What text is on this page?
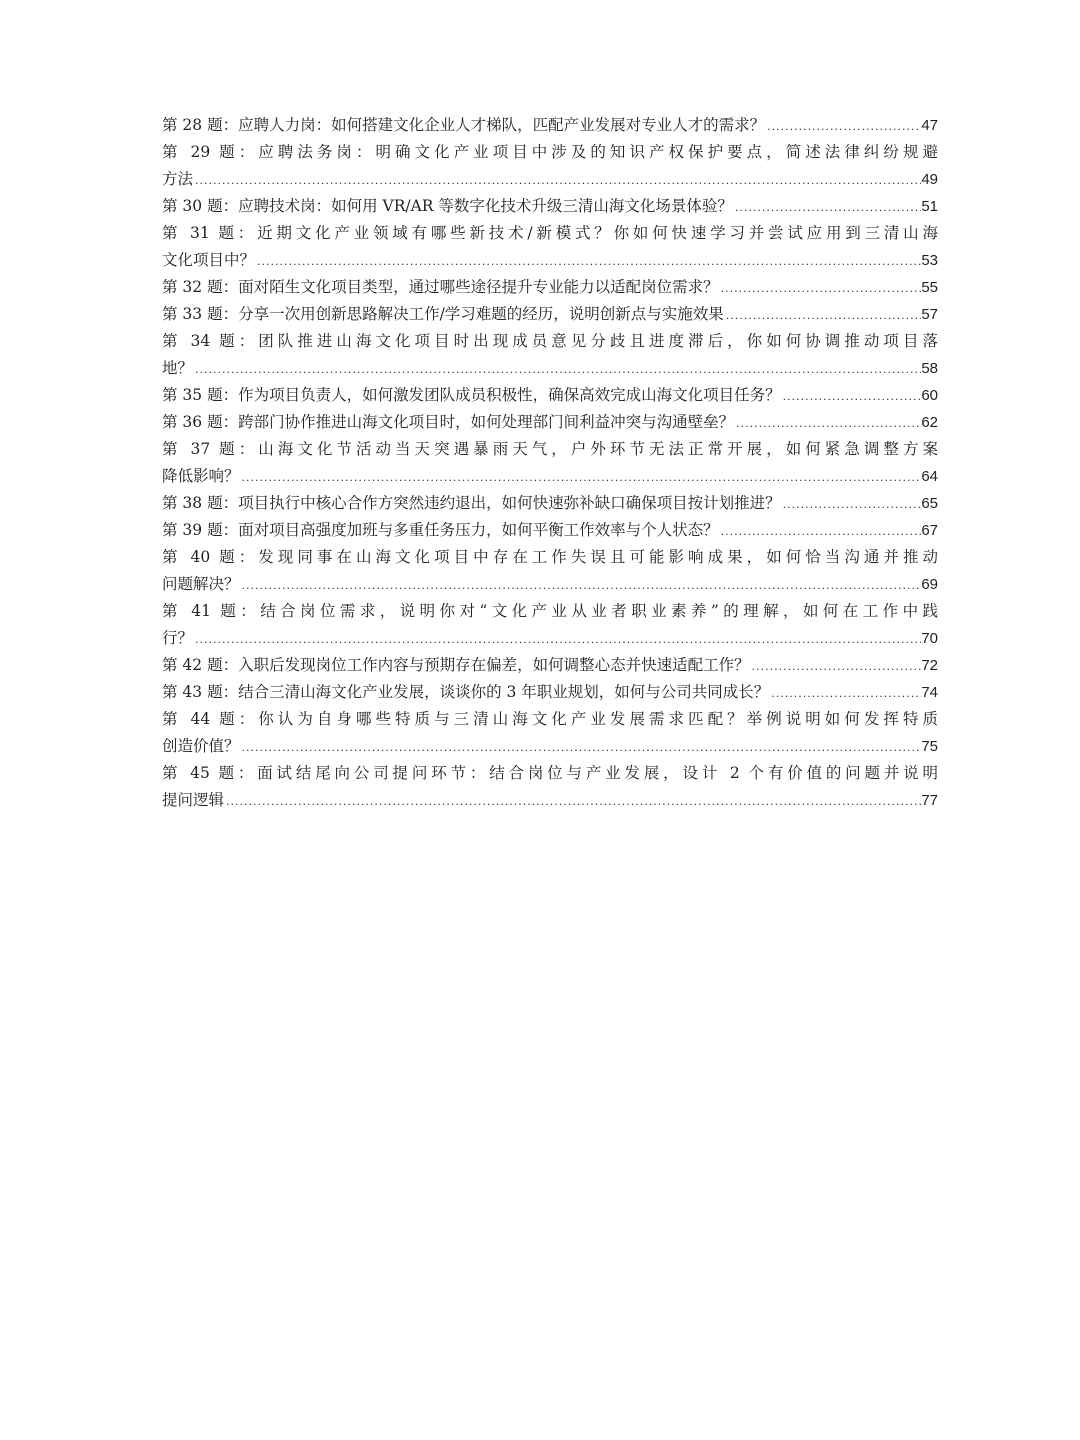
第 28 题：应聘人力岗：如何搭建文化企业人才梯队，匹配产业发展对专业人才的需求？ .....	47
第 29 题：应聘法务岗：明确文化产业项目中涉及的知识产权保护要点，简述法律纠纷规避
方法 .....	49
第 30 题：应聘技术岗：如何用 VR/AR 等数字化技术升级三清山海文化场景体验？ .....	51
第 31 题：近期文化产业领域有哪些新技术/新模式？你如何快速学习并尝试应用到三清山海
文化项目中？ .....	53
第 32 题：面对陌生文化项目类型，通过哪些途径提升专业能力以适配岗位需求？ .....	55
第 33 题：分享一次用创新思路解决工作/学习难题的经历，说明创新点与实施效果 .....	57
第 34 题：团队推进山海文化项目时出现成员意见分歧且进度滞后，你如何协调推动项目落
地？ .....	58
第 35 题：作为项目负责人，如何激发团队成员积极性，确保高效完成山海文化项目任务？ .....	60
第 36 题：跨部门协作推进山海文化项目时，如何处理部门间利益冲突与沟通壁垒？ .....	62
第 37 题：山海文化节活动当天突遇暴雨天气，户外环节无法正常开展，如何紧急调整方案
降低影响？ .....	64
第 38 题：项目执行中核心合作方突然违约退出，如何快速弥补缺口确保项目按计划推进？ .....	65
第 39 题：面对项目高强度加班与多重任务压力，如何平衡工作效率与个人状态？ .....	67
第 40 题：发现同事在山海文化项目中存在工作失误且可能影响成果，如何恰当沟通并推动
问题解决？ .....	69
第 41 题：结合岗位需求，说明你对“文化产业从业者职业素养”的理解，如何在工作中践
行？ .....	70
第 42 题：入职后发现岗位工作内容与预期存在偏差，如何调整心态并快速适配工作？ .....	72
第 43 题：结合三清山海文化产业发展，谈谈你的 3 年职业规划，如何与公司共同成长？ .....	74
第 44 题：你认为自身哪些特质与三清山海文化产业发展需求匹配？举例说明如何发挥特质
创造价值？ .....	75
第 45 题：面试结尾向公司提问环节：结合岗位与产业发展，设计 2 个有价值的问题并说明
提问逻辑 .....	77
